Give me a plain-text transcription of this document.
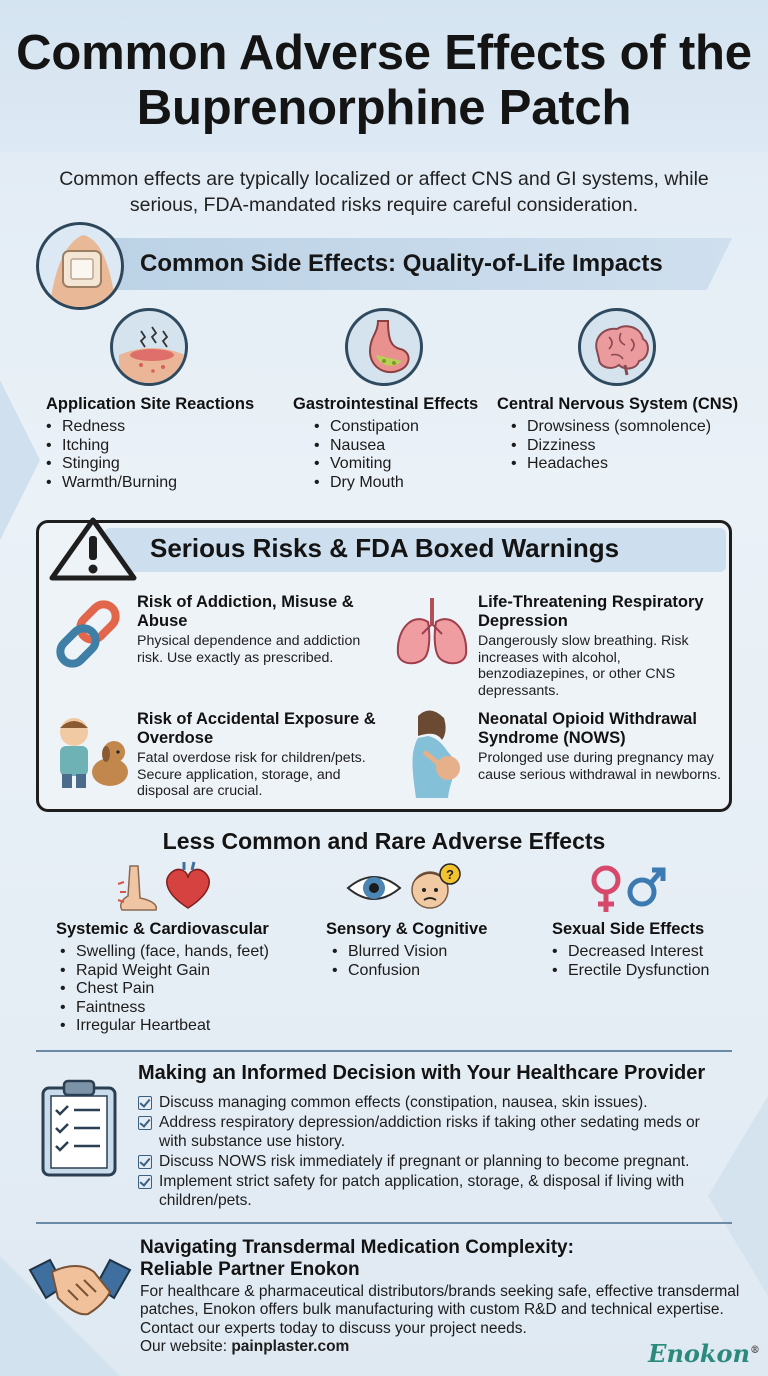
Common Adverse Effects of the Buprenorphine Patch

Common effects are typically localized or affect CNS and GI systems, while serious, FDA-mandated risks require careful consideration.

Common Side Effects: Quality-of-Life Impacts
Application Site Reactions
• Redness
• Itching
• Stinging
• Warmth/Burning
Gastrointestinal Effects
• Constipation
• Nausea
• Vomiting
• Dry Mouth
Central Nervous System (CNS)
• Drowsiness (somnolence)
• Dizziness
• Headaches
Serious Risks & FDA Boxed Warnings
Risk of Addiction, Misuse & Abuse
Physical dependence and addiction risk. Use exactly as prescribed.
Life-Threatening Respiratory Depression
Dangerously slow breathing. Risk increases with alcohol, benzodiazepines, or other CNS depressants.
Risk of Accidental Exposure & Overdose
Fatal overdose risk for children/pets. Secure application, storage, and disposal are crucial.
Neonatal Opioid Withdrawal Syndrome (NOWS)
Prolonged use during pregnancy may cause serious withdrawal in newborns.
Less Common and Rare Adverse Effects
?
Systemic & Cardiovascular
• Swelling (face, hands, feet)
• Rapid Weight Gain
• Chest Pain
• Faintness
• Irregular Heartbeat
Sensory & Cognitive
• Blurred Vision
• Confusion
Sexual Side Effects
• Decreased Interest
• Erectile Dysfunction
Making an Informed Decision with Your Healthcare Provider
Discuss managing common effects (constipation, nausea, skin issues).
Address respiratory depression/addiction risks if taking other sedating meds or with substance use history.
Discuss NOWS risk immediately if pregnant or planning to become pregnant.
Implement strict safety for patch application, storage, & disposal if living with children/pets.
Navigating Transdermal Medication Complexity:
Reliable Partner Enokon
For healthcare & pharmaceutical distributors/brands seeking safe, effective transdermal patches, Enokon offers bulk manufacturing with custom R&D and technical expertise. Contact our experts today to discuss your project needs.
Our website: painplaster.com	Enokon®
